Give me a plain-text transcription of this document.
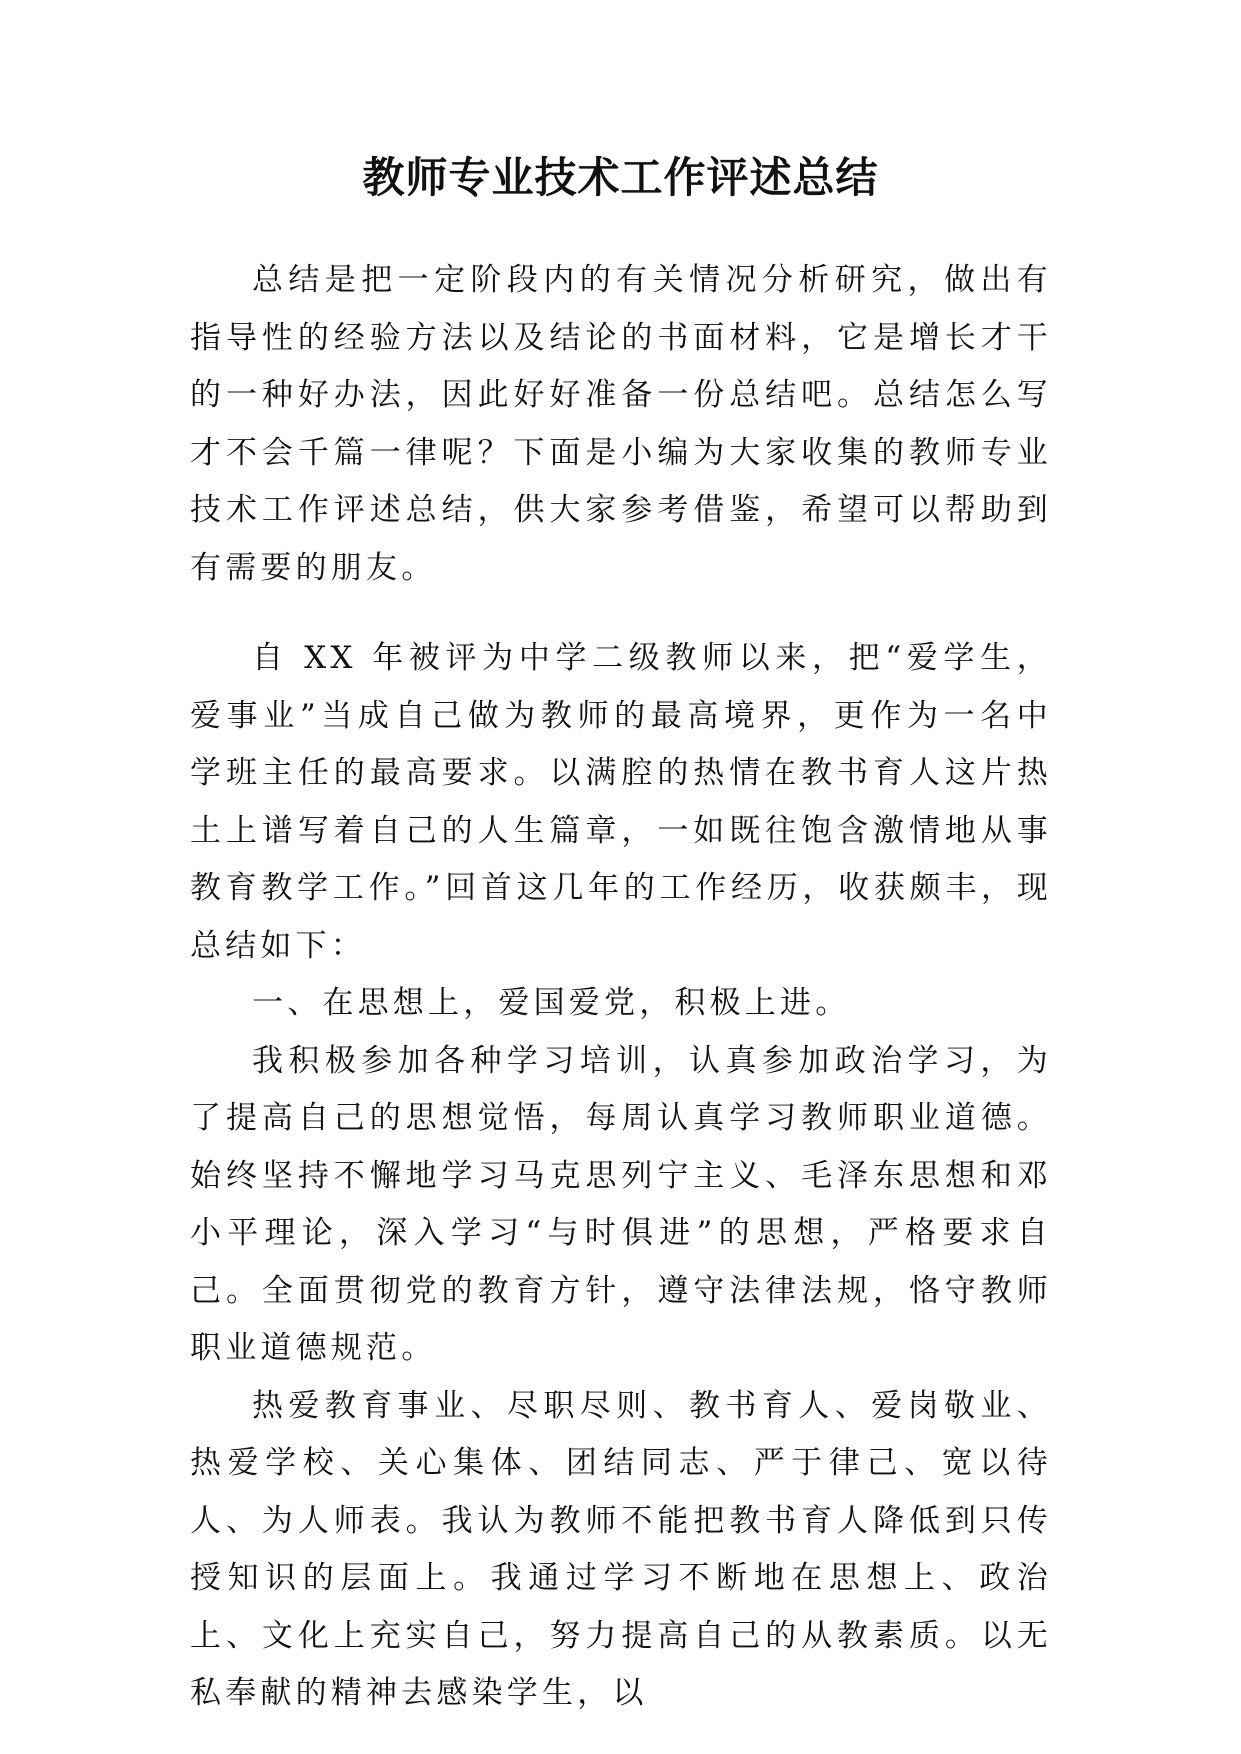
教师专业技术工作评述总结

总结是把一定阶段内的有关情况分析研究，做出有指导性的经验方法以及结论的书面材料，它是增长才干的一种好办法，因此好好准备一份总结吧。总结怎么写才不会千篇一律呢？下面是小编为大家收集的教师专业技术工作评述总结，供大家参考借鉴，希望可以帮助到有需要的朋友。

自 XX 年被评为中学二级教师以来，把“爱学生，爱事业”当成自己做为教师的最高境界，更作为一名中学班主任的最高要求。以满腔的热情在教书育人这片热土上谱写着自己的人生篇章，一如既往饱含激情地从事教育教学工作。”回首这几年的工作经历，收获颇丰，现总结如下：

一、在思想上，爱国爱党，积极上进。

我积极参加各种学习培训，认真参加政治学习，为了提高自己的思想觉悟，每周认真学习教师职业道德。始终坚持不懈地学习马克思列宁主义、毛泽东思想和邓小平理论，深入学习“与时俱进”的思想，严格要求自己。全面贯彻党的教育方针，遵守法律法规，恪守教师职业道德规范。

热爱教育事业、尽职尽则、教书育人、爱岗敬业、热爱学校、关心集体、团结同志、严于律己、宽以待人、为人师表。我认为教师不能把教书育人降低到只传授知识的层面上。我通过学习不断地在思想上、政治上、文化上充实自己，努力提高自己的从教素质。以无私奉献的精神去感染学生，以
